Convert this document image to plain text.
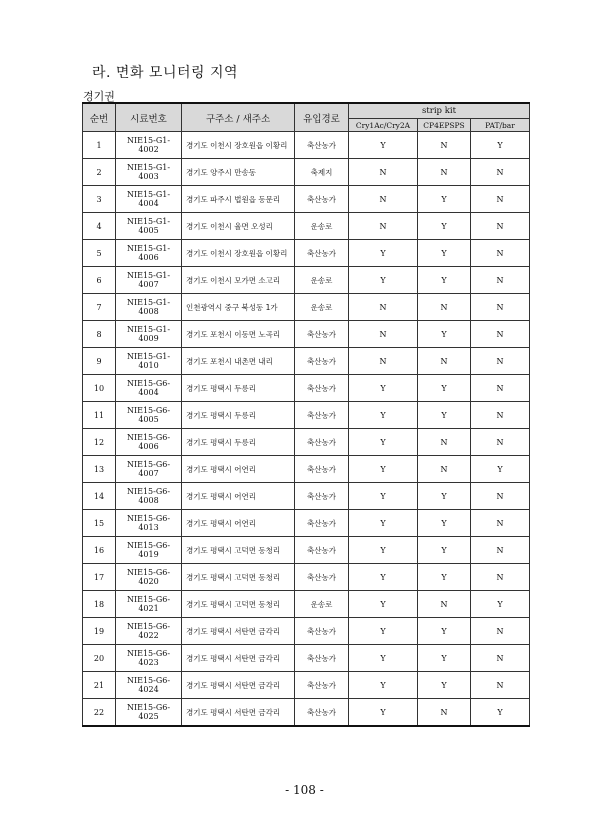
라. 면화 모니터링 지역
경기권
순번	시료번호	구주소 / 새주소	유입경로	strip kit		
				Cry1Ac/Cry2A	CP4EPSPS	PAT/bar
1	NIE15-G1-4002	경기도 이천시 장호원읍 이황리	축산농가	Y	N	Y
2	NIE15-G1-4003	경기도 양주시 만송동	축제지	N	N	N
3	NIE15-G1-4004	경기도 파주시 법원읍 동문리	축산농가	N	Y	N
4	NIE15-G1-4005	경기도 이천시 율면 오성리	운송로	N	Y	N
5	NIE15-G1-4006	경기도 이천시 장호원읍 이황리	축산농가	Y	Y	N
6	NIE15-G1-4007	경기도 이천시 모가면 소고리	운송로	Y	Y	N
7	NIE15-G1-4008	인천광역시 중구 북성동 1가	운송로	N	N	N
8	NIE15-G1-4009	경기도 포천시 이동면 노곡리	축산농가	N	Y	N
9	NIE15-G1-4010	경기도 포천시 내촌면 내리	축산농가	N	N	N
10	NIE15-G6-4004	경기도 평택시 두릉리	축산농가	Y	Y	N
11	NIE15-G6-4005	경기도 평택시 두릉리	축산농가	Y	Y	N
12	NIE15-G6-4006	경기도 평택시 두릉리	축산농가	Y	N	N
13	NIE15-G6-4007	경기도 평택시 어연리	축산농가	Y	N	Y
14	NIE15-G6-4008	경기도 평택시 어연리	축산농가	Y	Y	N
15	NIE15-G6-4013	경기도 평택시 어연리	축산농가	Y	Y	N
16	NIE15-G6-4019	경기도 평택시 고덕면 동청리	축산농가	Y	Y	N
17	NIE15-G6-4020	경기도 평택시 고덕면 동청리	축산농가	Y	Y	N
18	NIE15-G6-4021	경기도 평택시 고덕면 동청리	운송로	Y	N	Y
19	NIE15-G6-4022	경기도 평택시 서탄면 금각리	축산농가	Y	Y	N
20	NIE15-G6-4023	경기도 평택시 서탄면 금각리	축산농가	Y	Y	N
21	NIE15-G6-4024	경기도 평택시 서탄면 금각리	축산농가	Y	Y	N
22	NIE15-G6-4025	경기도 평택시 서탄면 금각리	축산농가	Y	N	Y
- 108 -
